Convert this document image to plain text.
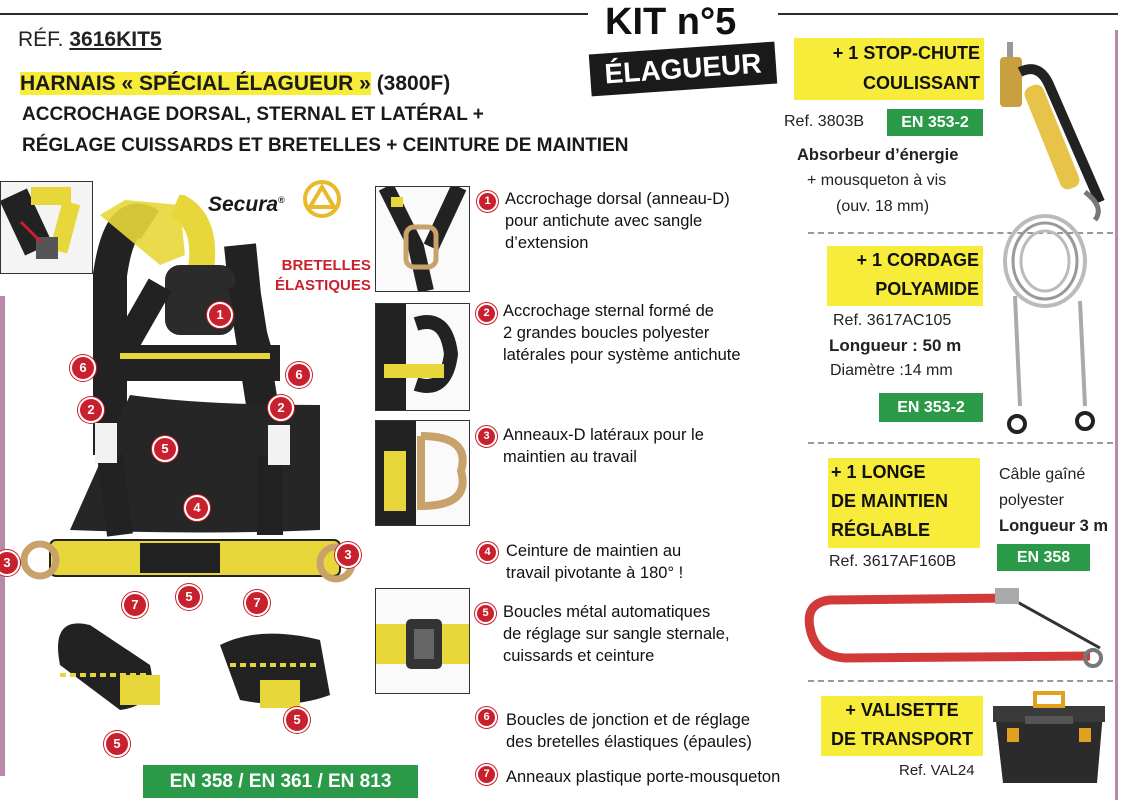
KIT n°5
ÉLAGUEUR
RÉF. 3616KIT5
HARNAIS « SPÉCIAL ÉLAGUEUR » (3800F)
ACCROCHAGE DORSAL, STERNAL ET LATÉRAL +
RÉGLAGE CUISSARDS ET BRETELLES + CEINTURE DE MAINTIEN
Secura®
BRETELLES
ÉLASTIQUES
1
6	6
2	2
5
4
3
3
7
5	7
5
5
1 Accrochage dorsal (anneau-D)
pour antichute avec sangle
d’extension
2 Accrochage sternal formé de
2 grandes boucles polyester
latérales pour système antichute
3 Anneaux-D latéraux pour le
maintien au travail
4 Ceinture de maintien au
travail pivotante à 180° !
5 Boucles métal automatiques
de réglage sur sangle sternale,
cuissards et ceinture
6 Boucles de jonction et de réglage
des bretelles élastiques (épaules)
7 Anneaux plastique porte-mousqueton
EN 358 / EN 361 / EN 813
+ 1 STOP-CHUTE
COULISSANT
Ref. 3803B	EN 353-2
Absorbeur d’énergie
+ mousqueton à vis
(ouv. 18 mm)
+ 1 CORDAGE
POLYAMIDE
Ref. 3617AC105
Longueur : 50 m
Diamètre :14 mm
EN 353-2
+ 1 LONGE
DE MAINTIEN
RÉGLABLE
Câble gaîné
polyester
Longueur 3 m
EN 358
Ref. 3617AF160B
+ VALISETTE
DE TRANSPORT
Ref. VAL24
